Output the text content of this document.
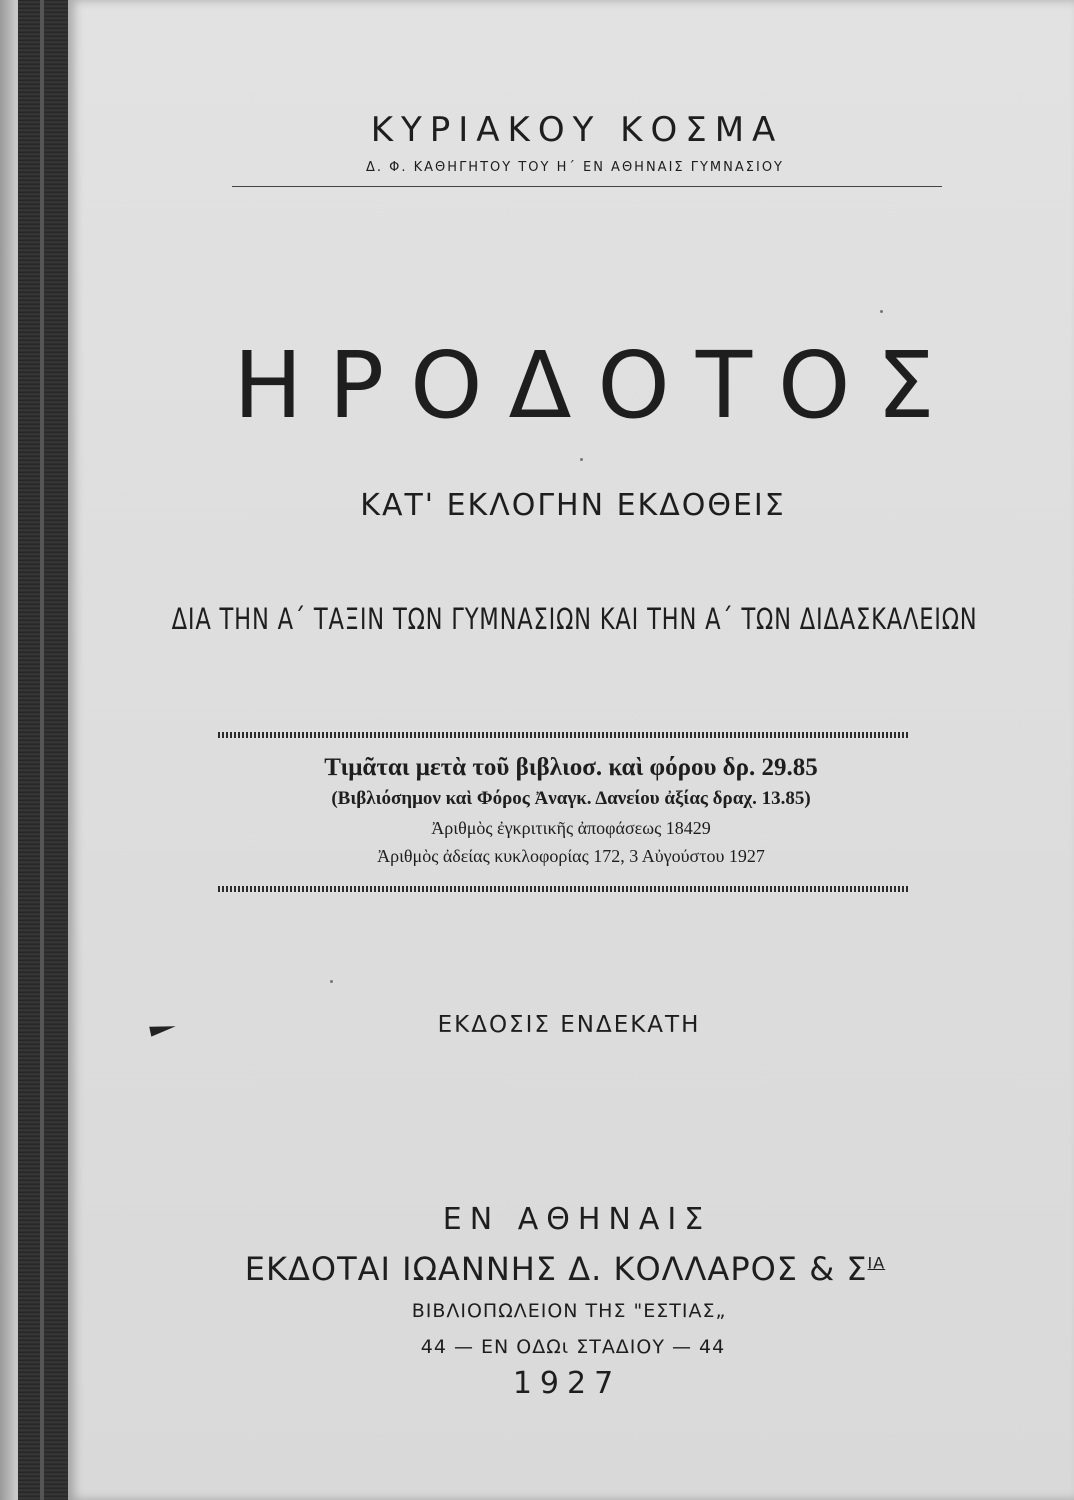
ΚΥΡΙΑΚΟΥ ΚΟΣΜΑ
Δ. Φ. ΚΑΘΗΓΗΤΟΥ ΤΟΥ Η΄ ΕΝ ΑΘΗΝΑΙΣ ΓΥΜΝΑΣΙΟΥ
ΗΡΟΔΟΤΟΣ
ΚΑΤ' ΕΚΛΟΓΗΝ ΕΚΔΟΘΕΙΣ
ΔΙΑ ΤΗΝ Α΄ ΤΑΞΙΝ ΤΩΝ ΓΥΜΝΑΣΙΩΝ ΚΑΙ ΤΗΝ Α΄ ΤΩΝ ΔΙΔΑΣΚΑΛΕΙΩΝ
Τιμᾶται μετὰ τοῦ βιβλιοσ. καὶ φόρου δρ. 29.85
(Βιβλιόσημον καὶ Φόρος Ἀναγκ. Δανείου ἀξίας δραχ. 13.85)
Ἀριθμὸς ἐγκριτικῆς ἀποφάσεως 18429
Ἀριθμὸς ἀδείας κυκλοφορίας 172, 3 Αὐγούστου 1927
ΕΚΔΟΣΙΣ ΕΝΔΕΚΑΤΗ
ΕΝ ΑΘΗΝΑΙΣ
ΕΚΔΟΤΑΙ ΙΩΑΝΝΗΣ Δ. ΚΟΛΛΑΡΟΣ & $\Sigma^{IA}$
ΒΙΒΛΙΟΠΩΛΕΙΟΝ ΤΗΣ "ΕΣΤΙΑΣ„
44 — ΕΝ ΟΔΩι ΣΤΑΔΙΟΥ — 44
1927
